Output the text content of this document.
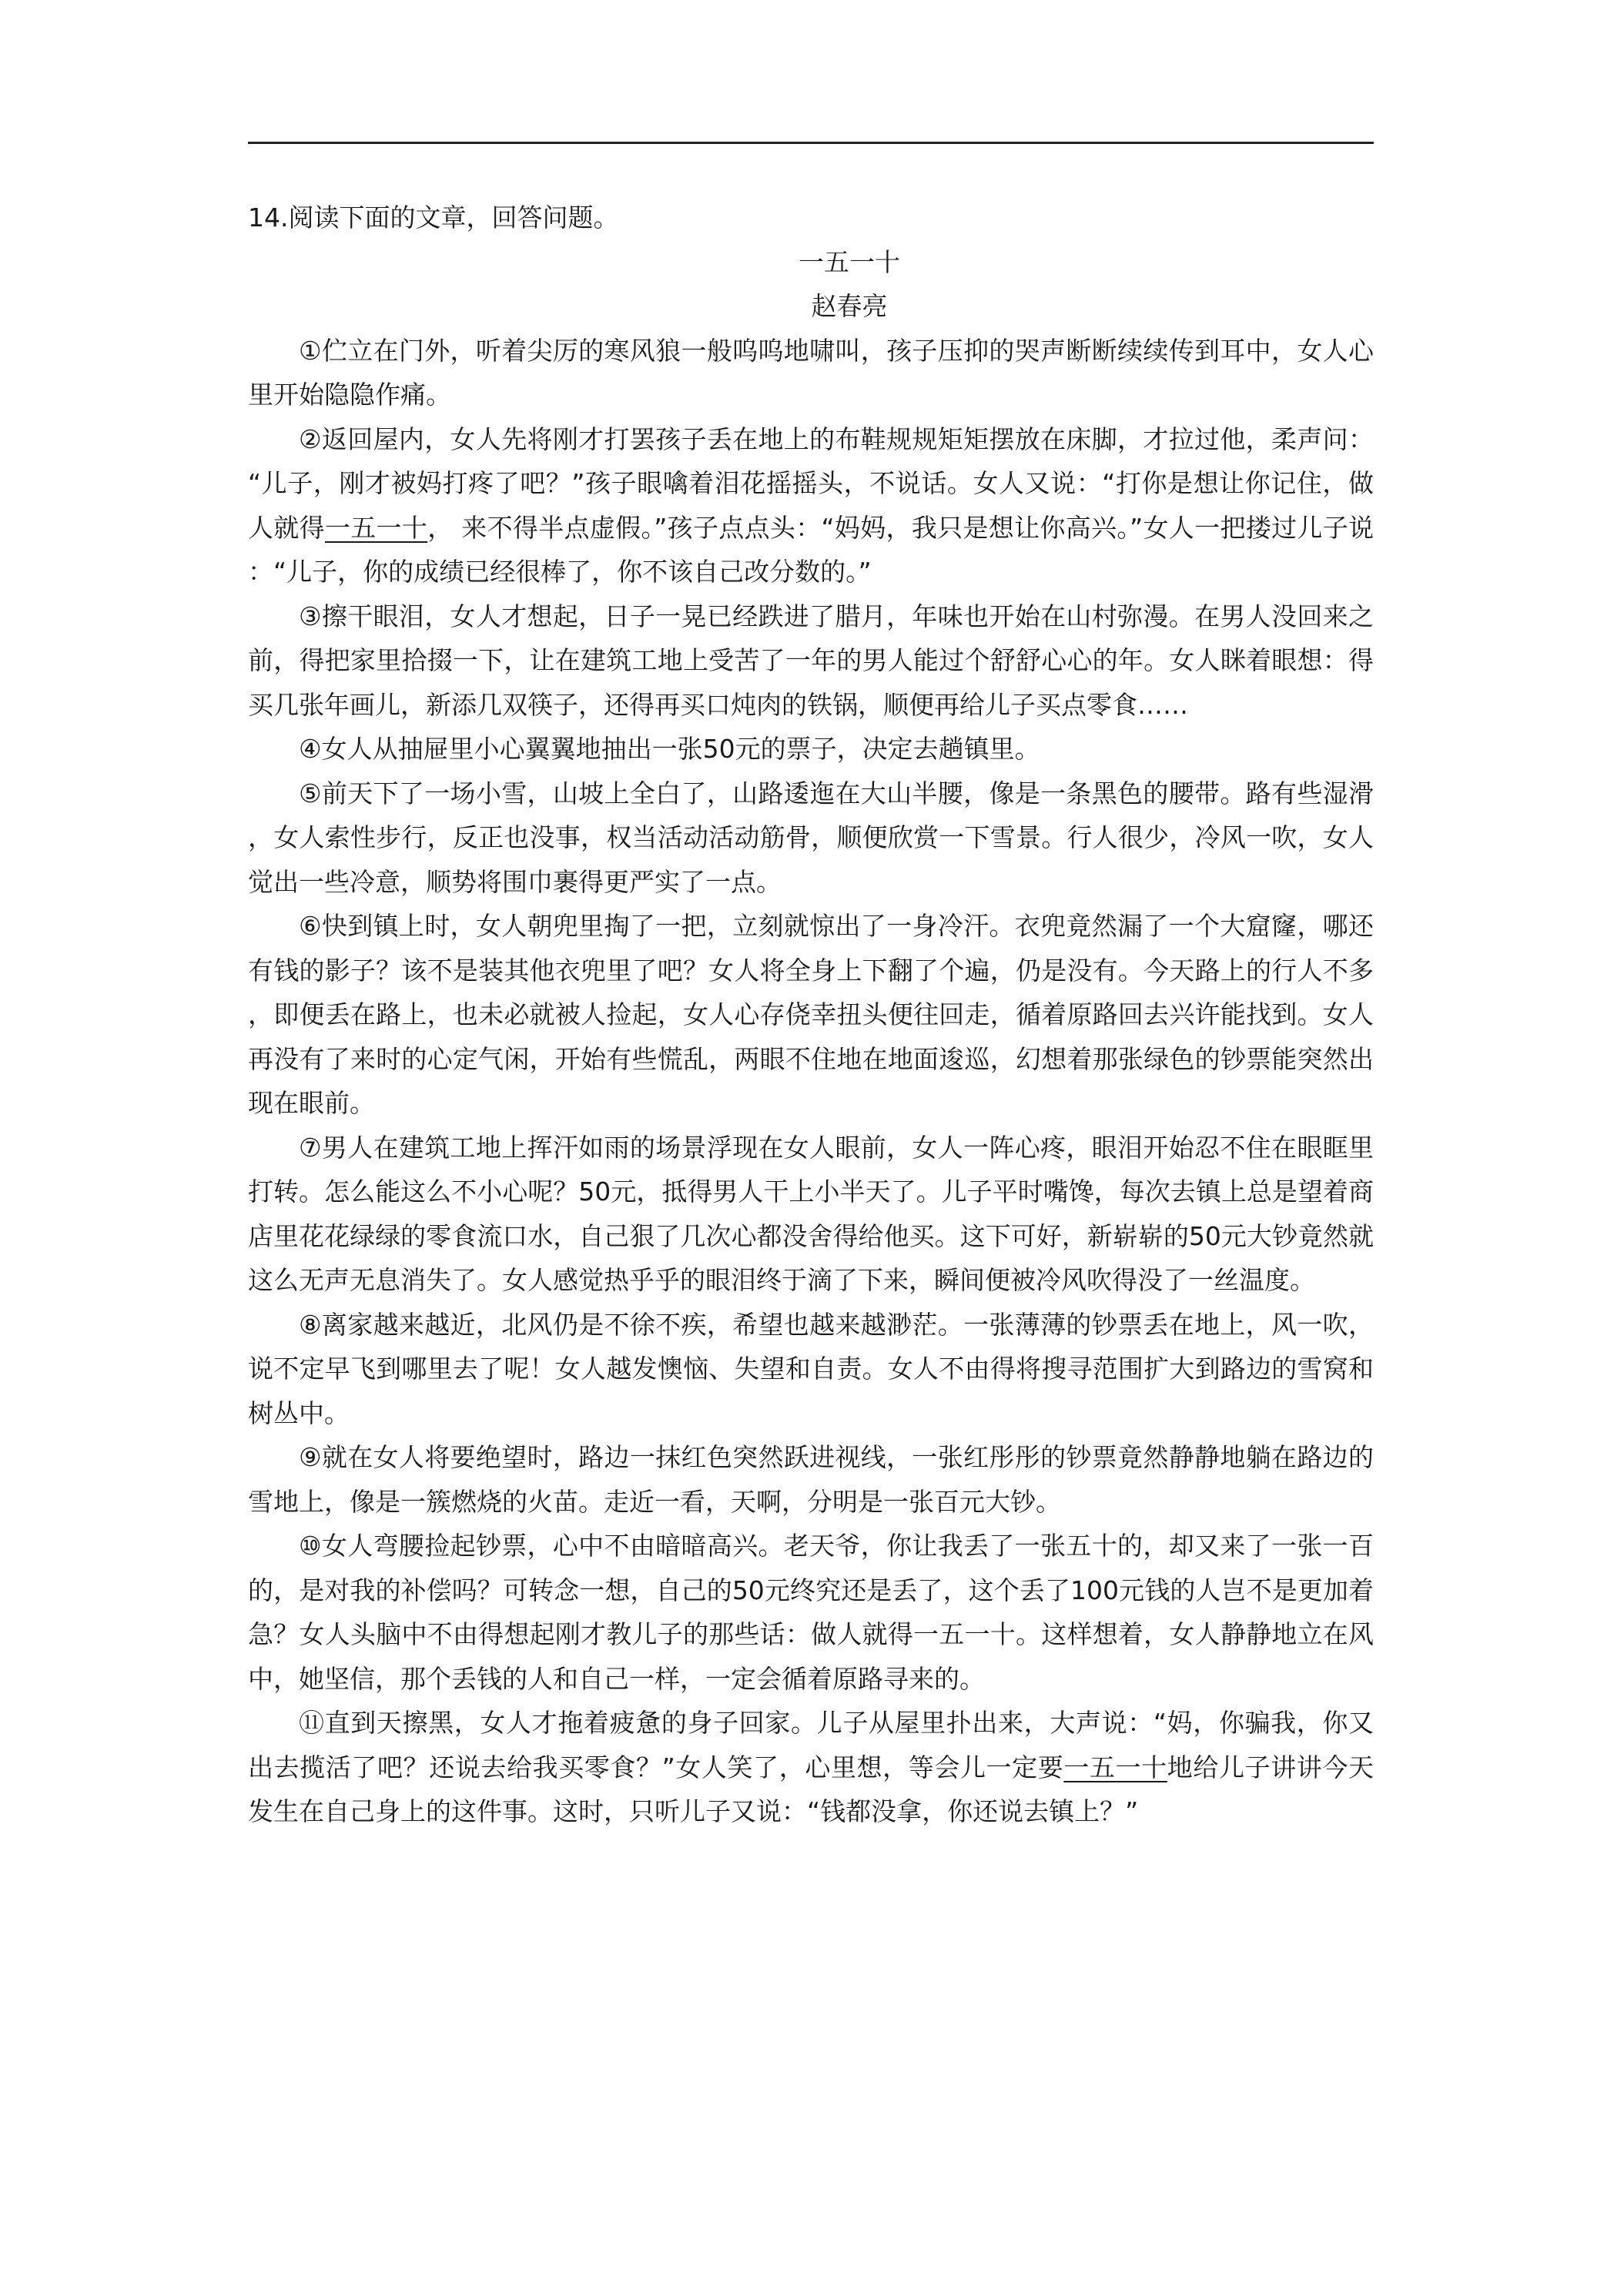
14.阅读下面的文章，回答问题。

一五一十

赵春亮

①伫立在门外，听着尖厉的寒风狼一般呜呜地啸叫，孩子压抑的哭声断断续续传到耳中，女人心里开始隐隐作痛。

②返回屋内，女人先将刚才打罢孩子丢在地上的布鞋规规矩矩摆放在床脚，才拉过他，柔声问：“儿子，刚才被妈打疼了吧？”孩子眼噙着泪花摇摇头，不说话。女人又说：“打你是想让你记住，做人就得一五一十， 来不得半点虚假。”孩子点点头：“妈妈，我只是想让你高兴。”女人一把搂过儿子说：“儿子，你的成绩已经很棒了，你不该自己改分数的。”

③擦干眼泪，女人才想起，日子一晃已经跌进了腊月，年味也开始在山村弥漫。在男人没回来之前，得把家里拾掇一下，让在建筑工地上受苦了一年的男人能过个舒舒心心的年。女人眯着眼想：得买几张年画儿，新添几双筷子，还得再买口炖肉的铁锅，顺便再给儿子买点零食……

④女人从抽屉里小心翼翼地抽出一张50元的票子，决定去趟镇里。

⑤前天下了一场小雪，山坡上全白了，山路逶迤在大山半腰，像是一条黑色的腰带。路有些湿滑，女人索性步行，反正也没事，权当活动活动筋骨，顺便欣赏一下雪景。行人很少，冷风一吹，女人觉出一些冷意，顺势将围巾裹得更严实了一点。

⑥快到镇上时，女人朝兜里掏了一把，立刻就惊出了一身冷汗。衣兜竟然漏了一个大窟窿，哪还有钱的影子？该不是装其他衣兜里了吧？女人将全身上下翻了个遍，仍是没有。今天路上的行人不多，即便丢在路上，也未必就被人捡起，女人心存侥幸扭头便往回走，循着原路回去兴许能找到。女人再没有了来时的心定气闲，开始有些慌乱，两眼不住地在地面逡巡，幻想着那张绿色的钞票能突然出现在眼前。

⑦男人在建筑工地上挥汗如雨的场景浮现在女人眼前，女人一阵心疼，眼泪开始忍不住在眼眶里打转。怎么能这么不小心呢？50元，抵得男人干上小半天了。儿子平时嘴馋，每次去镇上总是望着商店里花花绿绿的零食流口水，自己狠了几次心都没舍得给他买。这下可好，新崭崭的50元大钞竟然就这么无声无息消失了。女人感觉热乎乎的眼泪终于滴了下来，瞬间便被冷风吹得没了一丝温度。

⑧离家越来越近，北风仍是不徐不疾，希望也越来越渺茫。一张薄薄的钞票丢在地上，风一吹，说不定早飞到哪里去了呢！女人越发懊恼、失望和自责。女人不由得将搜寻范围扩大到路边的雪窝和树丛中。

⑨就在女人将要绝望时，路边一抹红色突然跃进视线，一张红彤彤的钞票竟然静静地躺在路边的雪地上，像是一簇燃烧的火苗。走近一看，天啊，分明是一张百元大钞。

⑩女人弯腰捡起钞票，心中不由暗暗高兴。老天爷，你让我丢了一张五十的，却又来了一张一百的，是对我的补偿吗？可转念一想，自己的50元终究还是丢了，这个丢了100元钱的人岂不是更加着急？女人头脑中不由得想起刚才教儿子的那些话：做人就得一五一十。这样想着，女人静静地立在风中，她坚信，那个丢钱的人和自己一样，一定会循着原路寻来的。

⑪直到天擦黑，女人才拖着疲惫的身子回家。儿子从屋里扑出来，大声说：“妈，你骗我，你又出去揽活了吧？还说去给我买零食？”女人笑了，心里想，等会儿一定要一五一十地给儿子讲讲今天发生在自己身上的这件事。这时，只听儿子又说：“钱都没拿，你还说去镇上？”
